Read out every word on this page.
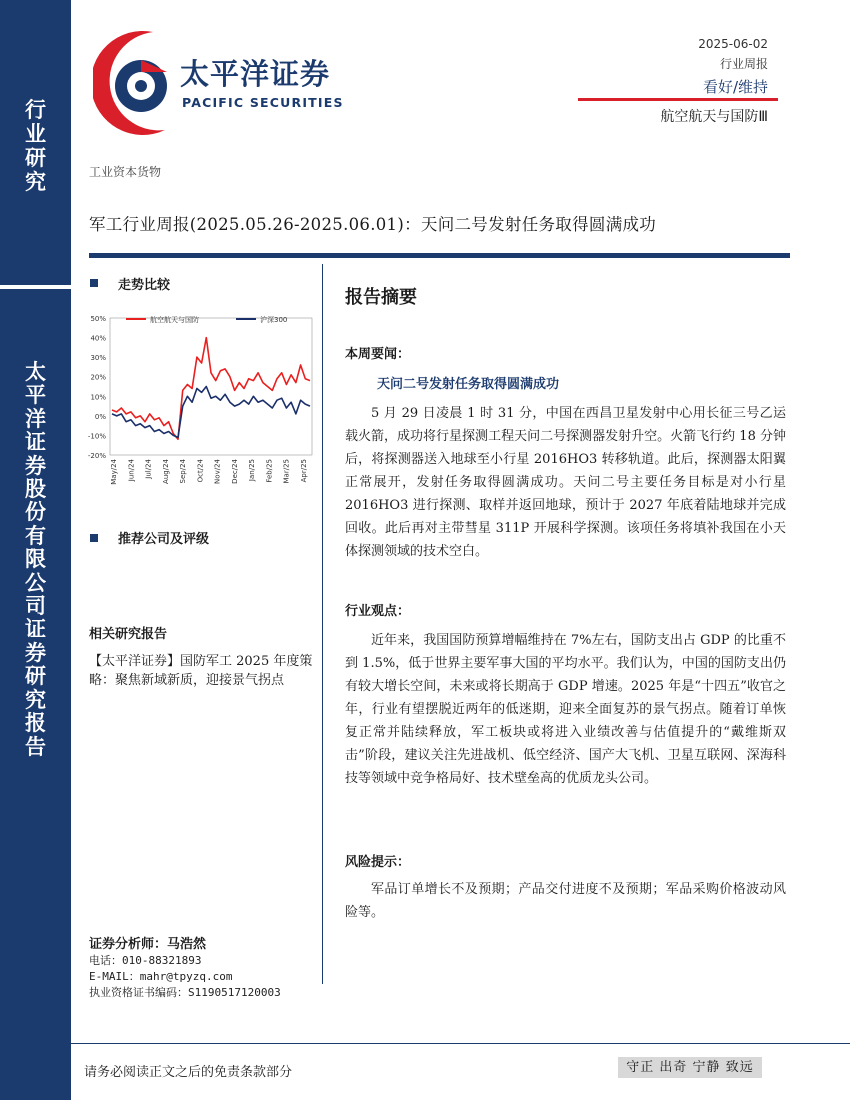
行
业
研
究
太
平
洋
证
券
股
份
有
限
公
司
证
券
研
究
报
告
太平洋证券
PACIFIC SECURITIES
2025-06-02
行业周报
看好/维持
航空航天与国防Ⅲ
工业资本货物
军工行业周报(2025.05.26-2025.06.01)：天问二号发射任务取得圆满成功
走势比较
50%
40%
30%
20%
10%
0%
-10%
-20%
May/24 Jun/24 Jul/24 Aug/24 Sep/24 Oct/24 Nov/24 Dec/24 Jan/25 Feb/25 Mar/25 Apr/25
航空航天与国防	沪深300
推荐公司及评级
相关研究报告
【太平洋证券】国防军工 2025 年度策略：聚焦新域新质，迎接景气拐点
证券分析师：马浩然
电话：010-88321893
E-MAIL：mahr@tpyzq.com
执业资格证书编码：S1190517120003
报告摘要
本周要闻：
天问二号发射任务取得圆满成功
5 月 29 日凌晨 1 时 31 分，中国在西昌卫星发射中心用长征三号乙运载火箭，成功将行星探测工程天问二号探测器发射升空。火箭飞行约 18 分钟后，将探测器送入地球至小行星 2016HO3 转移轨道。此后，探测器太阳翼正常展开，发射任务取得圆满成功。天问二号主要任务目标是对小行星 2016HO3 进行探测、取样并返回地球，预计于 2027 年底着陆地球并完成回收。此后再对主带彗星 311P 开展科学探测。该项任务将填补我国在小天体探测领域的技术空白。
行业观点：
近年来，我国国防预算增幅维持在 7%左右，国防支出占 GDP 的比重不到 1.5%，低于世界主要军事大国的平均水平。我们认为，中国的国防支出仍有较大增长空间，未来或将长期高于 GDP 增速。2025 年是“十四五”收官之年，行业有望摆脱近两年的低迷期，迎来全面复苏的景气拐点。随着订单恢复正常并陆续释放，军工板块或将进入业绩改善与估值提升的“戴维斯双击”阶段，建议关注先进战机、低空经济、国产大飞机、卫星互联网、深海科技等领域中竞争格局好、技术壁垒高的优质龙头公司。
风险提示：
军品订单增长不及预期；产品交付进度不及预期；军品采购价格波动风险等。
请务必阅读正文之后的免责条款部分	守正 出奇 宁静 致远
